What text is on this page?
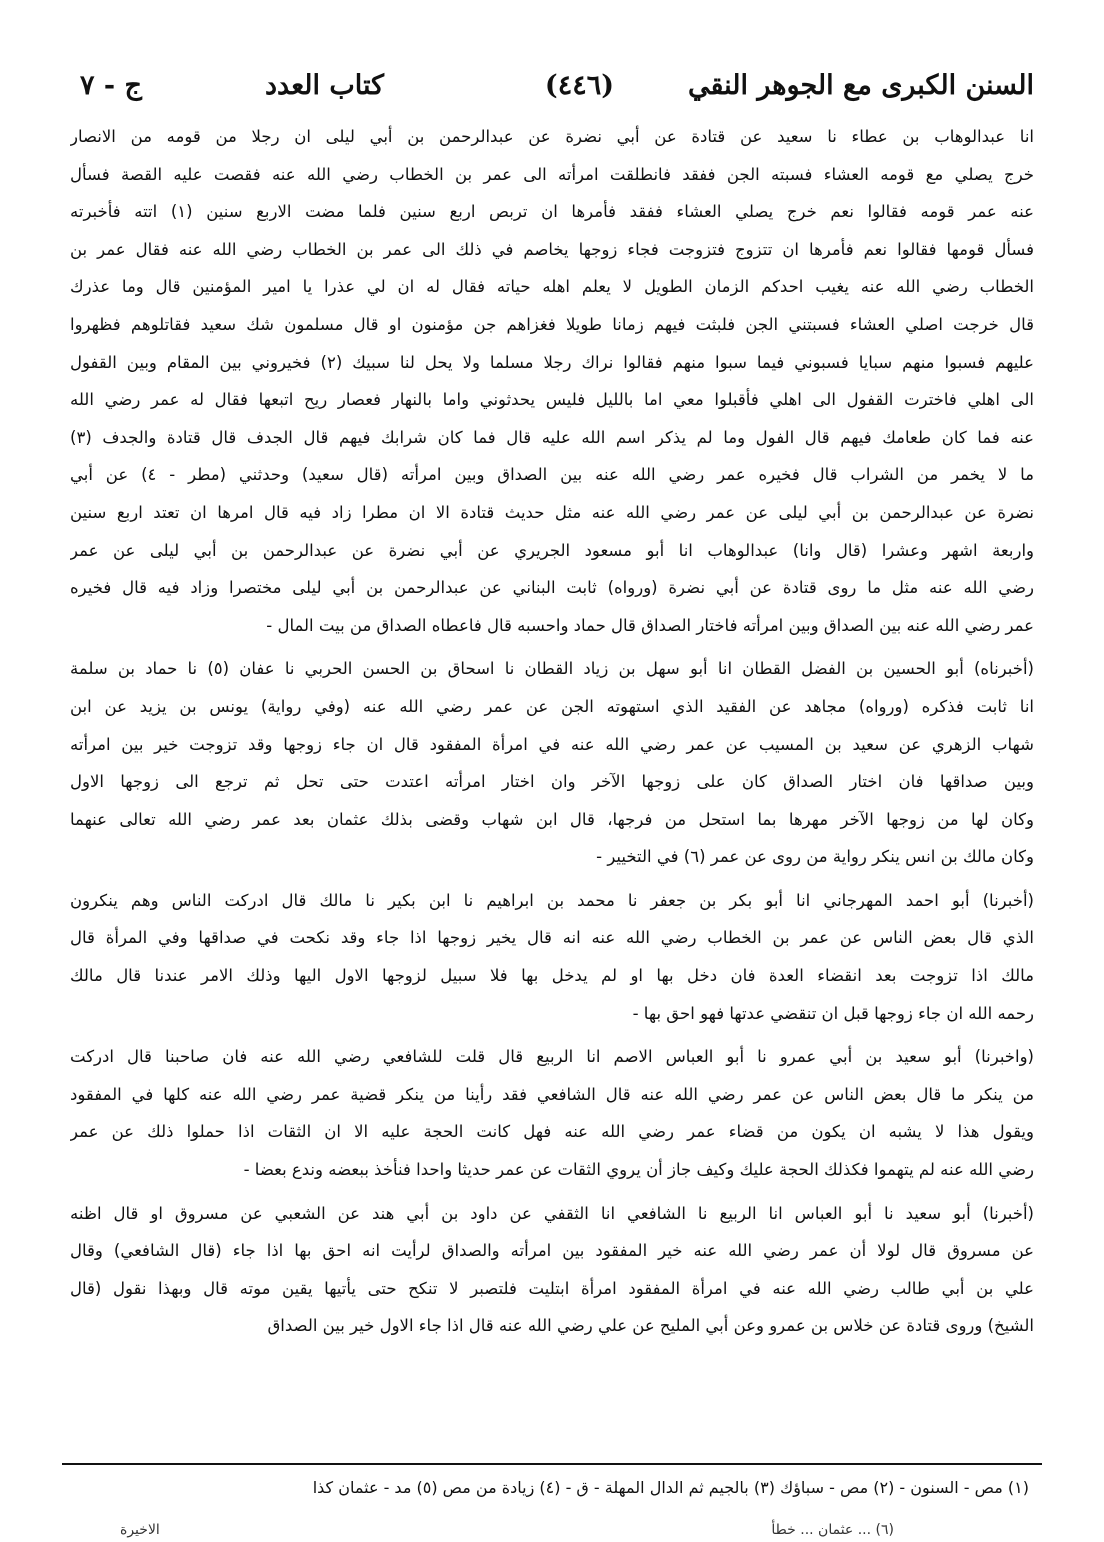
السنن الكبرى مع الجوهر النقي
(٤٤٦)
كتاب العدد
ج - ٧
انا عبدالوهاب بن عطاء نا سعيد عن قتادة عن أبي نضرة عن عبدالرحمن بن أبي ليلى ان رجلا من قومه من الانصار
خرج يصلي مع قومه العشاء فسبته الجن ففقد فانطلقت امرأته الى عمر بن الخطاب رضي الله عنه فقصت عليه القصة فسأل
عنه عمر قومه فقالوا نعم خرج يصلي العشاء ففقد فأمرها ان تربص اربع سنين فلما مضت الاربع سنين (١) اتته فأخبرته
فسأل قومها فقالوا نعم فأمرها ان تتزوج فتزوجت فجاء زوجها يخاصم في ذلك الى عمر بن الخطاب رضي الله عنه فقال عمر بن
الخطاب رضي الله عنه يغيب احدكم الزمان الطويل لا يعلم اهله حياته فقال له ان لي عذرا يا امير المؤمنين قال وما عذرك
قال خرجت اصلي العشاء فسبتني الجن فلبثت فيهم زمانا طويلا فغزاهم جن مؤمنون او قال مسلمون شك سعيد فقاتلوهم فظهروا
عليهم فسبوا منهم سبايا فسبوني فيما سبوا منهم فقالوا نراك رجلا مسلما ولا يحل لنا سبيك (٢) فخيروني بين المقام وبين القفول
الى اهلي فاخترت القفول الى اهلي فأقبلوا معي اما بالليل فليس يحدثوني واما بالنهار فعصار ريح اتبعها فقال له عمر رضي الله
عنه فما كان طعامك فيهم قال الفول وما لم يذكر اسم الله عليه قال فما كان شرابك فيهم قال الجدف قال قتادة والجدف (٣)
ما لا يخمر من الشراب قال فخيره عمر رضي الله عنه بين الصداق وبين امرأته (قال سعيد) وحدثني (مطر - ٤) عن أبي
نضرة عن عبدالرحمن بن أبي ليلى عن عمر رضي الله عنه مثل حديث قتادة الا ان مطرا زاد فيه قال امرها ان تعتد اربع سنين
واربعة اشهر وعشرا (قال وانا) عبدالوهاب انا أبو مسعود الجريري عن أبي نضرة عن عبدالرحمن بن أبي ليلى عن عمر
رضي الله عنه مثل ما روى قتادة عن أبي نضرة (ورواه) ثابت البناني عن عبدالرحمن بن أبي ليلى مختصرا وزاد فيه قال فخيره
عمر رضي الله عنه بين الصداق وبين امرأته فاختار الصداق قال حماد واحسبه قال فاعطاه الصداق من بيت المال -
(أخبرناه) أبو الحسين بن الفضل القطان انا أبو سهل بن زياد القطان نا اسحاق بن الحسن الحربي نا عفان (٥) نا حماد بن سلمة
انا ثابت فذكره (ورواه) مجاهد عن الفقيد الذي استهوته الجن عن عمر رضي الله عنه (وفي رواية) يونس بن يزيد عن ابن
شهاب الزهري عن سعيد بن المسيب عن عمر رضي الله عنه في امرأة المفقود قال ان جاء زوجها وقد تزوجت خير بين امرأته
وبين صداقها فان اختار الصداق كان على زوجها الآخر وان اختار امرأته اعتدت حتى تحل ثم ترجع الى زوجها الاول
وكان لها من زوجها الآخر مهرها بما استحل من فرجها، قال ابن شهاب وقضى بذلك عثمان بعد عمر رضي الله تعالى عنهما
وكان مالك بن انس ينكر رواية من روى عن عمر (٦) في التخيير -
(أخبرنا) أبو احمد المهرجاني انا أبو بكر بن جعفر نا محمد بن ابراهيم نا ابن بكير نا مالك قال ادركت الناس وهم ينكرون
الذي قال بعض الناس عن عمر بن الخطاب رضي الله عنه انه قال يخير زوجها اذا جاء وقد نكحت في صداقها وفي المرأة قال
مالك اذا تزوجت بعد انقضاء العدة فان دخل بها او لم يدخل بها فلا سبيل لزوجها الاول اليها وذلك الامر عندنا قال مالك
رحمه الله ان جاء زوجها قبل ان تنقضي عدتها فهو احق بها -
(واخبرنا) أبو سعيد بن أبي عمرو نا أبو العباس الاصم انا الربيع قال قلت للشافعي رضي الله عنه فان صاحبنا قال ادركت
من ينكر ما قال بعض الناس عن عمر رضي الله عنه قال الشافعي فقد رأينا من ينكر قضية عمر رضي الله عنه كلها في المفقود
ويقول هذا لا يشبه ان يكون من قضاء عمر رضي الله عنه فهل كانت الحجة عليه الا ان الثقات اذا حملوا ذلك عن عمر
رضي الله عنه لم يتهموا فكذلك الحجة عليك وكيف جاز أن يروي الثقات عن عمر حديثا واحدا فنأخذ ببعضه وندع بعضا -
(أخبرنا) أبو سعيد نا أبو العباس انا الربيع نا الشافعي انا الثقفي عن داود بن أبي هند عن الشعبي عن مسروق او قال اظنه
عن مسروق قال لولا أن عمر رضي الله عنه خير المفقود بين امرأته والصداق لرأيت انه احق بها اذا جاء (قال الشافعي) وقال
علي بن أبي طالب رضي الله عنه في امرأة المفقود امرأة ابتليت فلتصبر لا تنكح حتى يأتيها يقين موته قال وبهذا نقول (قال
الشيخ) وروى قتادة عن خلاس بن عمرو وعن أبي المليح عن علي رضي الله عنه قال اذا جاء الاول خير بين الصداق
(١) مص - السنون - (٢) مص - سباؤك (٣) بالجيم ثم الدال المهلة - ق - (٤) زيادة من مص (٥) مد - عثمان كذا
(٦) ... عثمان ... خطأ
الاخيرة
